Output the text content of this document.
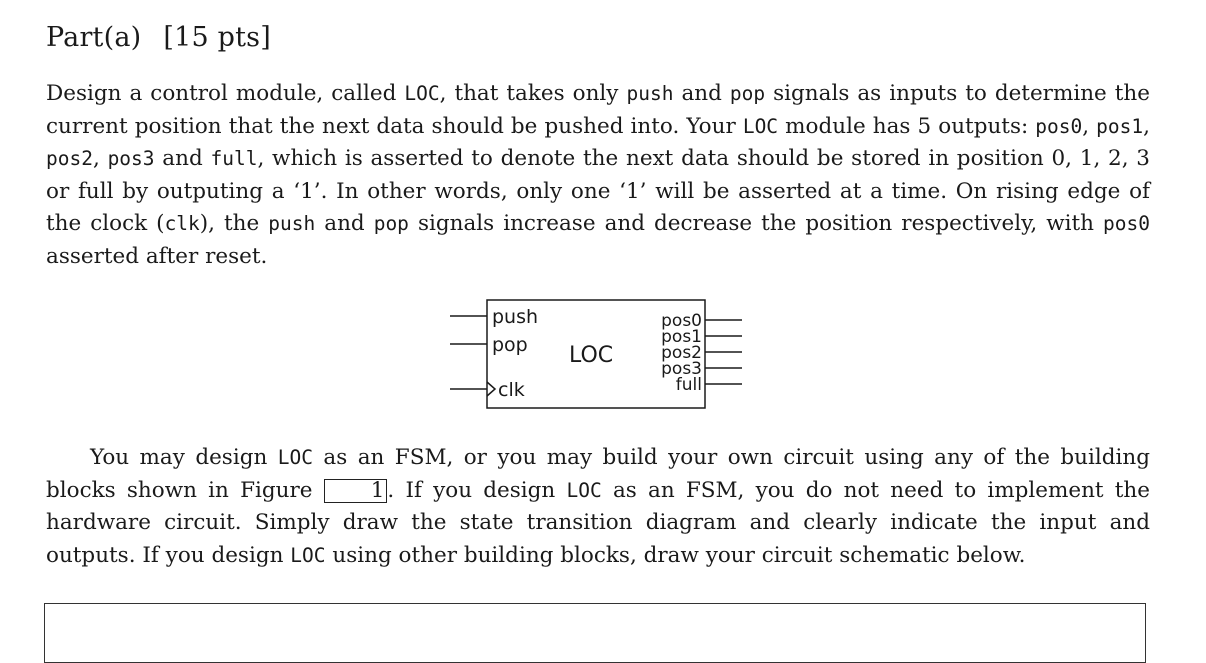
Part(a) [15 pts]

Design a control module, called LOC, that takes only push and pop signals as inputs to determine the current position that the next data should be pushed into. Your LOC module has 5 outputs: pos0, pos1, pos2, pos3 and full, which is asserted to denote the next data should be stored in position 0, 1, 2, 3 or full by outputing a ‘1’. In other words, only one ‘1’ will be asserted at a time. On rising edge of the clock (clk), the push and pop signals increase and decrease the position respectively, with pos0 asserted after reset.

push
pop
clk
LOC
pos0
pos1
pos2
pos3
full

You may design LOC as an FSM, or you may build your own circuit using any of the building blocks shown in Figure 1 . If you design LOC as an FSM, you do not need to implement the hardware circuit. Simply draw the state transition diagram and clearly indicate the input and outputs. If you design LOC using other building blocks, draw your circuit schematic below.
